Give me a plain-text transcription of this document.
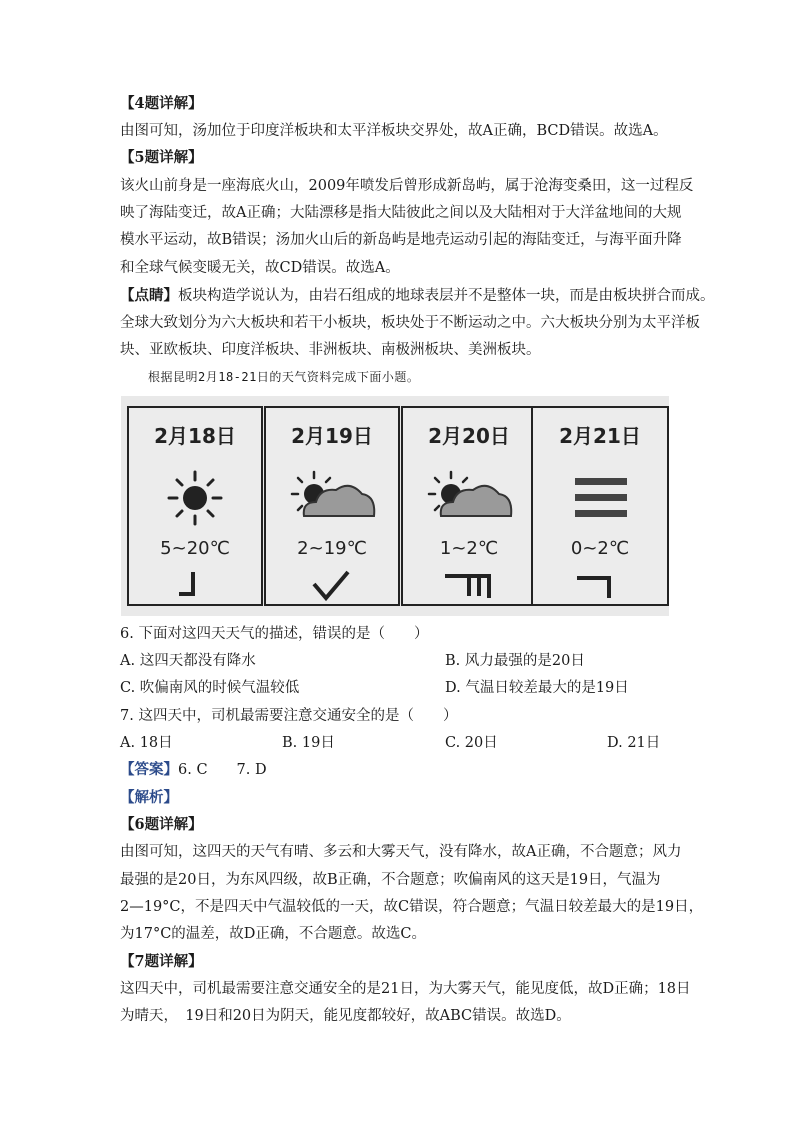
【4题详解】
由图可知，汤加位于印度洋板块和太平洋板块交界处，故A正确，BCD错误。故选A。
【5题详解】
该火山前身是一座海底火山，2009年喷发后曾形成新岛屿，属于沧海变桑田，这一过程反
映了海陆变迁，故A正确；大陆漂移是指大陆彼此之间以及大陆相对于大洋盆地间的大规
模水平运动，故B错误；汤加火山后的新岛屿是地壳运动引起的海陆变迁，与海平面升降
和全球气候变暖无关，故CD错误。故选A。
【点睛】板块构造学说认为，由岩石组成的地球表层并不是整体一块，而是由板块拼合而成。
全球大致划分为六大板块和若干小板块，板块处于不断运动之中。六大板块分别为太平洋板
块、亚欧板块、印度洋板块、非洲板块、南极洲板块、美洲板块。
根据昆明2月18-21日的天气资料完成下面小题。
2月18日
5~20℃
2月19日
2~19℃
2月20日
1~2℃
2月21日
0~2℃
6. 下面对这四天天气的描述，错误的是（　　）
A. 这四天都没有降水	B. 风力最强的是20日
C. 吹偏南风的时候气温较低	D. 气温日较差最大的是19日
7. 这四天中，司机最需要注意交通安全的是（　　）
A. 18日	B. 19日	C. 20日	D. 21日
【答案】6. C　　7. D
【解析】
【6题详解】
由图可知，这四天的天气有晴、多云和大雾天气，没有降水，故A正确，不合题意；风力
最强的是20日，为东风四级，故B正确，不合题意；吹偏南风的这天是19日，气温为
2—19°C，不是四天中气温较低的一天，故C错误，符合题意；气温日较差最大的是19日，
为17°C的温差，故D正确，不合题意。故选C。
【7题详解】
这四天中，司机最需要注意交通安全的是21日，为大雾天气，能见度低，故D正确；18日
为晴天，　19日和20日为阴天，能见度都较好，故ABC错误。故选D。
